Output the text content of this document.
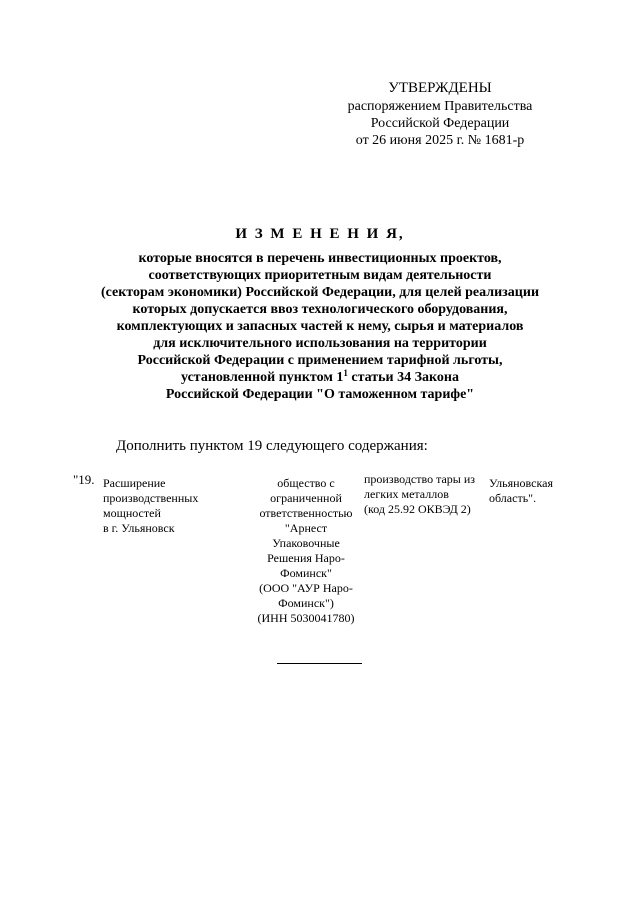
УТВЕРЖДЕНЫ
распоряжением Правительства
Российской Федерации
от 26 июня 2025 г. № 1681-р
И З М Е Н Е Н И Я,
которые вносятся в перечень инвестиционных проектов,
соответствующих приоритетным видам деятельности
(секторам экономики) Российской Федерации, для целей реализации
которых допускается ввоз технологического оборудования,
комплектующих и запасных частей к нему, сырья и материалов
для исключительного использования на территории
Российской Федерации с применением тарифной льготы,
установленной пунктом $1^1$ статьи 34 Закона
Российской Федерации "О таможенном тарифе"
Дополнить пунктом 19 следующего содержания:
"19. Расширение
производственных
мощностей
в г. Ульяновск
общество с
ограниченной
ответственностью
"Арнест
Упаковочные
Решения Наро-
Фоминск"
(ООО "АУР Наро-
Фоминск")
(ИНН 5030041780)
производство тары из
легких металлов
(код 25.92 ОКВЭД 2)
Ульяновская
область".
